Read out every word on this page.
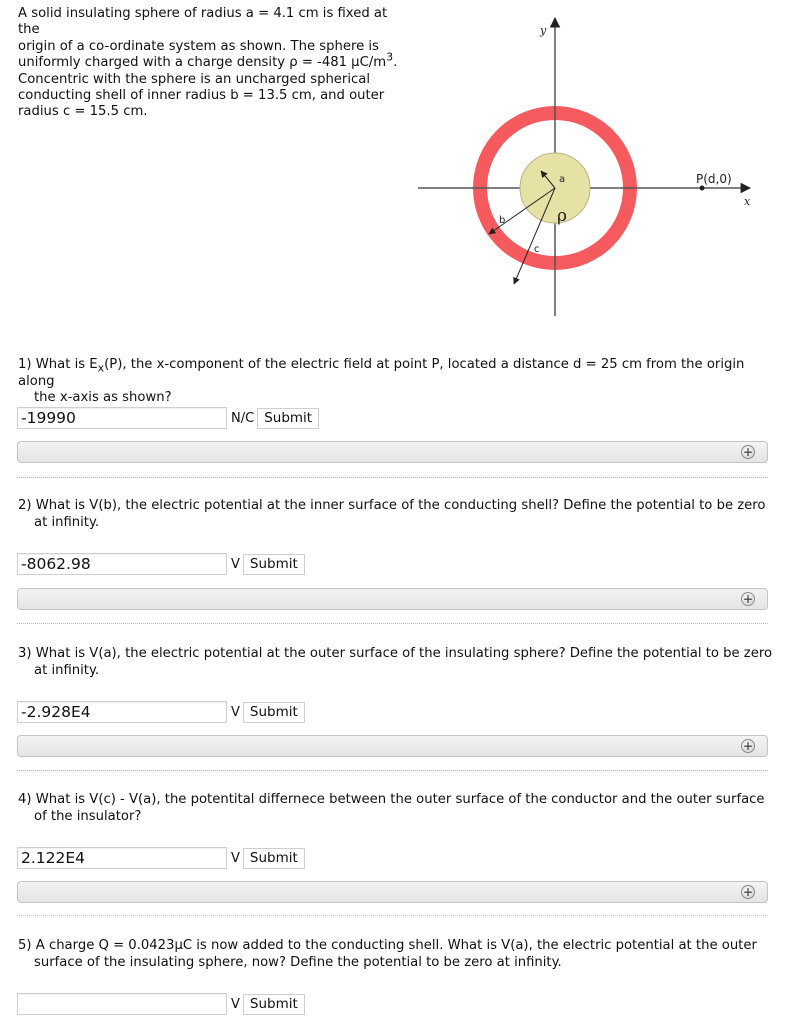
A solid insulating sphere of radius a = 4.1 cm is fixed at the
origin of a co-ordinate system as shown. The sphere is
uniformly charged with a charge density ρ = -481 $\mu C/m^3$.
Concentric with the sphere is an uncharged spherical
conducting shell of inner radius b = 13.5 cm, and outer
radius c = 15.5 cm.

y
x
P(d,0)
a
b
c
ρ

1) What is $E_x(P)$, the x-component of the electric field at point P, located a distance d = 25 cm from the origin along
the x-axis as shown?

-19990
N/C Submit
+

2) What is V(b), the electric potential at the inner surface of the conducting shell? Define the potential to be zero
at infinity.

-8062.98
V Submit
+

3) What is V(a), the electric potential at the outer surface of the insulating sphere? Define the potential to be zero
at infinity.

-2.928E4
V Submit
+

4) What is V(c) - V(a), the potentital differnece between the outer surface of the conductor and the outer surface
of the insulator?

2.122E4
V Submit
+

5) A charge Q = 0.0423μC is now added to the conducting shell. What is V(a), the electric potential at the outer
surface of the insulating sphere, now? Define the potential to be zero at infinity.

V Submit
